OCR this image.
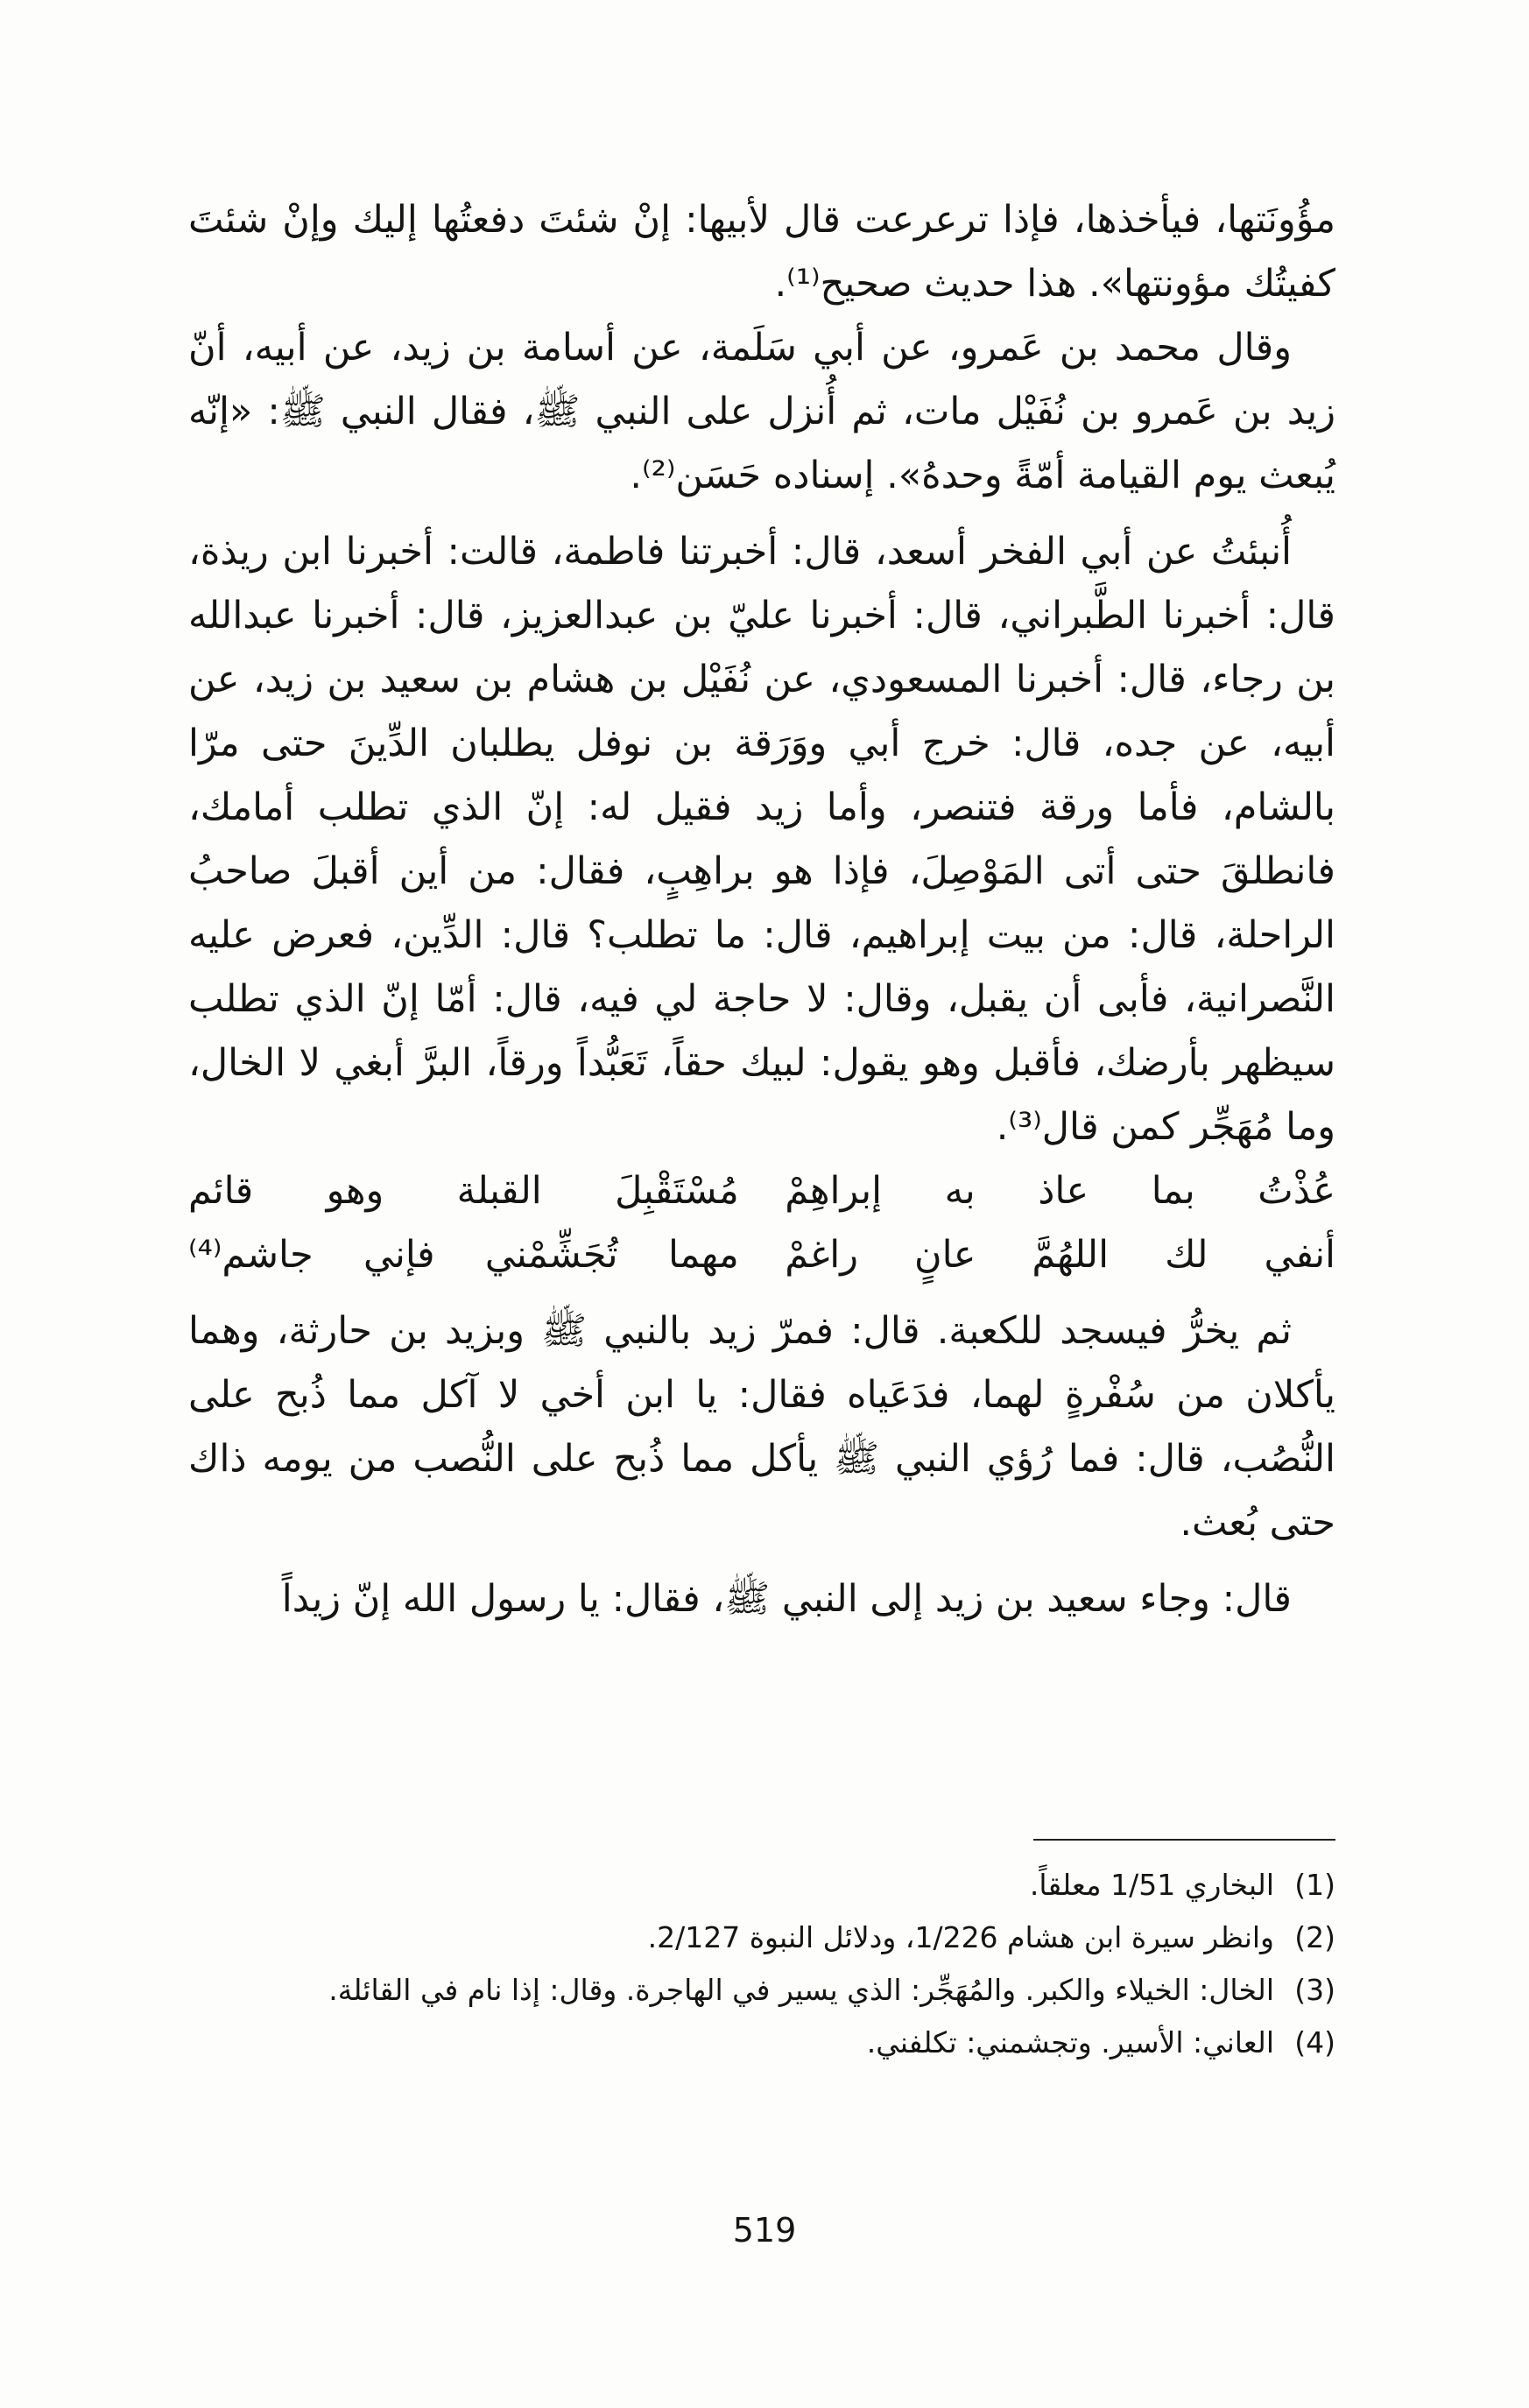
مؤُونَتها، فيأخذها، فإذا ترعرعت قال لأبيها: إنْ شئتَ دفعتُها إليك وإنْ شئتَ كفيتُك مؤونتها». هذا حديث صحيح⁽¹⁾.

وقال محمد بن عَمرو، عن أبي سَلَمة، عن أسامة بن زيد، عن أبيه، أنّ زيد بن عَمرو بن نُفَيْل مات، ثم أُنزل على النبي ﷺ، فقال النبي ﷺ: «إنّه يُبعث يوم القيامة أمّةً وحدهُ». إسناده حَسَن⁽²⁾.

أُنبئتُ عن أبي الفخر أسعد، قال: أخبرتنا فاطمة، قالت: أخبرنا ابن ريذة، قال: أخبرنا الطَّبراني، قال: أخبرنا عليّ بن عبدالعزيز، قال: أخبرنا عبدالله بن رجاء، قال: أخبرنا المسعودي، عن نُفَيْل بن هشام بن سعيد بن زيد، عن أبيه، عن جده، قال: خرج أبي ووَرَقة بن نوفل يطلبان الدِّينَ حتى مرّا بالشام، فأما ورقة فتنصر، وأما زيد فقيل له: إنّ الذي تطلب أمامك، فانطلقَ حتى أتى المَوْصِلَ، فإذا هو براهِبٍ، فقال: من أين أقبلَ صاحبُ الراحلة، قال: من بيت إبراهيم، قال: ما تطلب؟ قال: الدِّين، فعرض عليه النَّصرانية، فأبى أن يقبل، وقال: لا حاجة لي فيه، قال: أمّا إنّ الذي تطلب سيظهر بأرضك، فأقبل وهو يقول: لبيك حقاً، تَعَبُّداً ورقاً، البرَّ أبغي لا الخال، وما مُهَجِّر كمن قال⁽³⁾.

عُذْتُ بما عاذ به إبراهِمْ
مُسْتَقْبِلَ القبلة وهو قائم
أنفي لك اللهُمَّ عانٍ راغمْ
مهما تُجَشِّمْني فإني جاشم⁽⁴⁾

ثم يخرُّ فيسجد للكعبة. قال: فمرّ زيد بالنبي ﷺ وبزيد بن حارثة، وهما يأكلان من سُفْرةٍ لهما، فدَعَياه فقال: يا ابن أخي لا آكل مما ذُبح على النُّصُب، قال: فما رُؤي النبي ﷺ يأكل مما ذُبح على النُّصب من يومه ذاك حتى بُعث.

قال: وجاء سعيد بن زيد إلى النبي ﷺ، فقال: يا رسول الله إنّ زيداً

(1)
البخاري 1/51 معلقاً.
(2)
وانظر سيرة ابن هشام 1/226، ودلائل النبوة 2/127.
(3)
الخال: الخيلاء والكبر. والمُهَجِّر: الذي يسير في الهاجرة. وقال: إذا نام في القائلة.
(4)
العاني: الأسير. وتجشمني: تكلفني.
519
